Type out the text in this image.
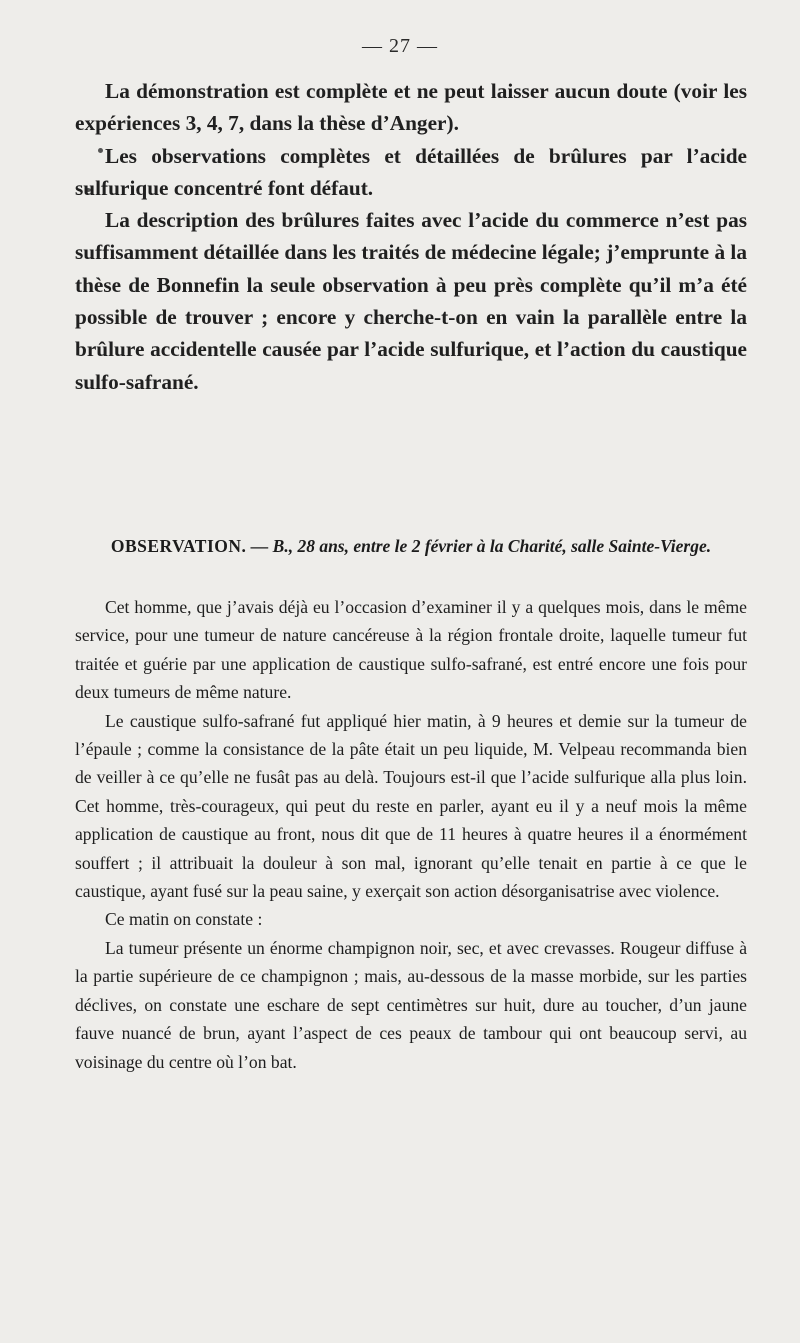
— 27 —

La démonstration est complète et ne peut laisser aucun doute (voir les expériences 3, 4, 7, dans la thèse d’Anger).

Les observations complètes et détaillées de brûlures par l’acide sulfurique concentré font défaut.

La description des brûlures faites avec l’acide du commerce n’est pas suffisamment détaillée dans les traités de médecine légale; j’emprunte à la thèse de Bonnefin la seule observation à peu près complète qu’il m’a été possible de trouver ; encore y cherche-t-on en vain la parallèle entre la brûlure accidentelle causée par l’acide sulfurique, et l’action du caustique sulfo-safrané.

OBSERVATION. — B., 28 ans, entre le 2 février à la Charité, salle Sainte-Vierge.

Cet homme, que j’avais déjà eu l’occasion d’examiner il y a quelques mois, dans le même service, pour une tumeur de nature cancéreuse à la région frontale droite, laquelle tumeur fut traitée et guérie par une application de caustique sulfo-safrané, est entré encore une fois pour deux tumeurs de même nature.

Le caustique sulfo-safrané fut appliqué hier matin, à 9 heures et demie sur la tumeur de l’épaule ; comme la consistance de la pâte était un peu liquide, M. Velpeau recommanda bien de veiller à ce qu’elle ne fusât pas au delà. Toujours est-il que l’acide sulfurique alla plus loin. Cet homme, très-courageux, qui peut du reste en parler, ayant eu il y a neuf mois la même application de caustique au front, nous dit que de 11 heures à quatre heures il a énormément souffert ; il attribuait la douleur à son mal, ignorant qu’elle tenait en partie à ce que le caustique, ayant fusé sur la peau saine, y exerçait son action désorganisatrise avec violence.

Ce matin on constate :

La tumeur présente un énorme champignon noir, sec, et avec crevasses. Rougeur diffuse à la partie supérieure de ce champignon ; mais, au-dessous de la masse morbide, sur les parties déclives, on constate une eschare de sept centimètres sur huit, dure au toucher, d’un jaune fauve nuancé de brun, ayant l’aspect de ces peaux de tambour qui ont beaucoup servi, au voisinage du centre où l’on bat.
